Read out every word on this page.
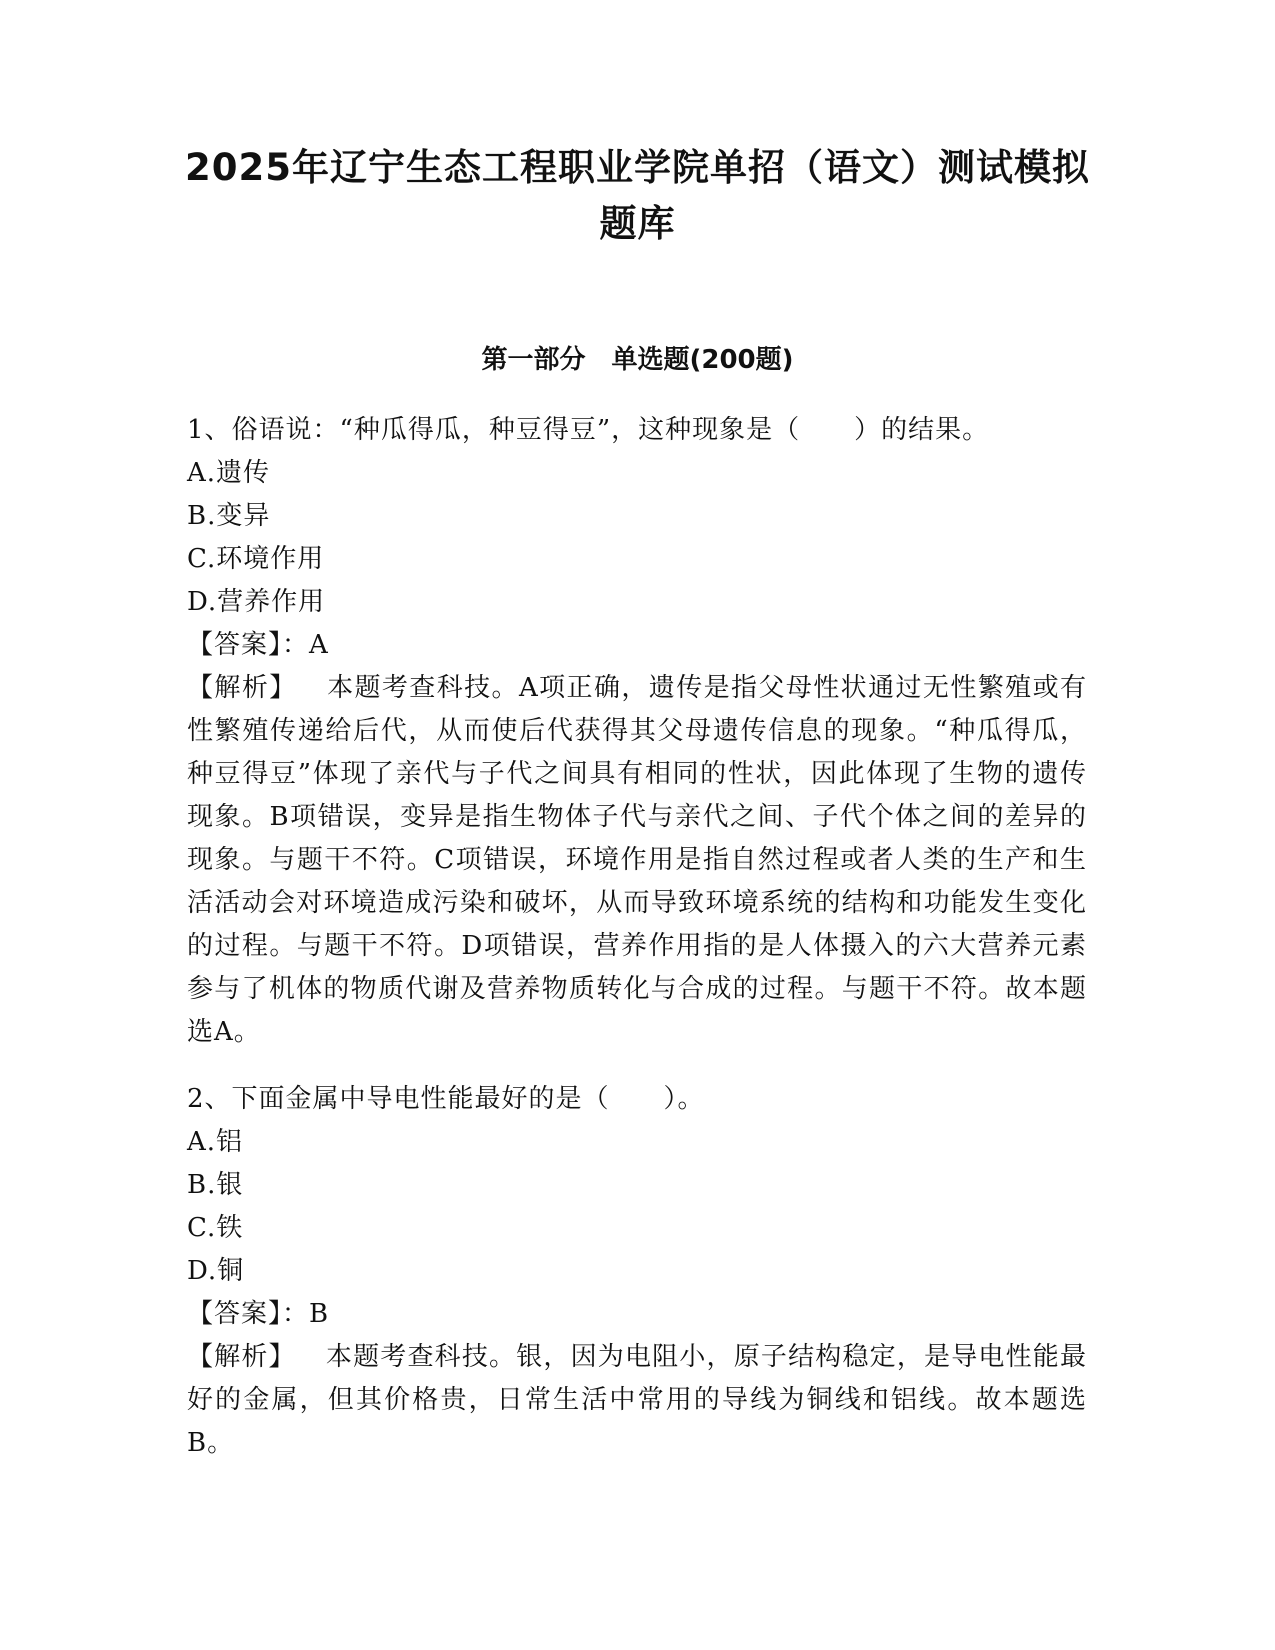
2025年辽宁生态工程职业学院单招（语文）测试模拟
题库
第一部分　单选题(200题)

1、俗语说：“种瓜得瓜，种豆得豆”，这种现象是（　　）的结果。

A.遗传

B.变异

C.环境作用

D.营养作用

【答案】：A

【解析】 本题考查科技。A项正确，遗传是指父母性状通过无性繁殖或有性繁殖传递给后代，从而使后代获得其父母遗传信息的现象。“种瓜得瓜，种豆得豆”体现了亲代与子代之间具有相同的性状，因此体现了生物的遗传现象。B项错误，变异是指生物体子代与亲代之间、子代个体之间的差异的现象。与题干不符。C项错误，环境作用是指自然过程或者人类的生产和生活活动会对环境造成污染和破坏，从而导致环境系统的结构和功能发生变化的过程。与题干不符。D项错误，营养作用指的是人体摄入的六大营养元素参与了机体的物质代谢及营养物质转化与合成的过程。与题干不符。故本题选A。

2、下面金属中导电性能最好的是（　　）。

A.铝

B.银

C.铁

D.铜

【答案】：B

【解析】 本题考查科技。银，因为电阻小，原子结构稳定，是导电性能最好的金属，但其价格贵，日常生活中常用的导线为铜线和铝线。故本题选B。
